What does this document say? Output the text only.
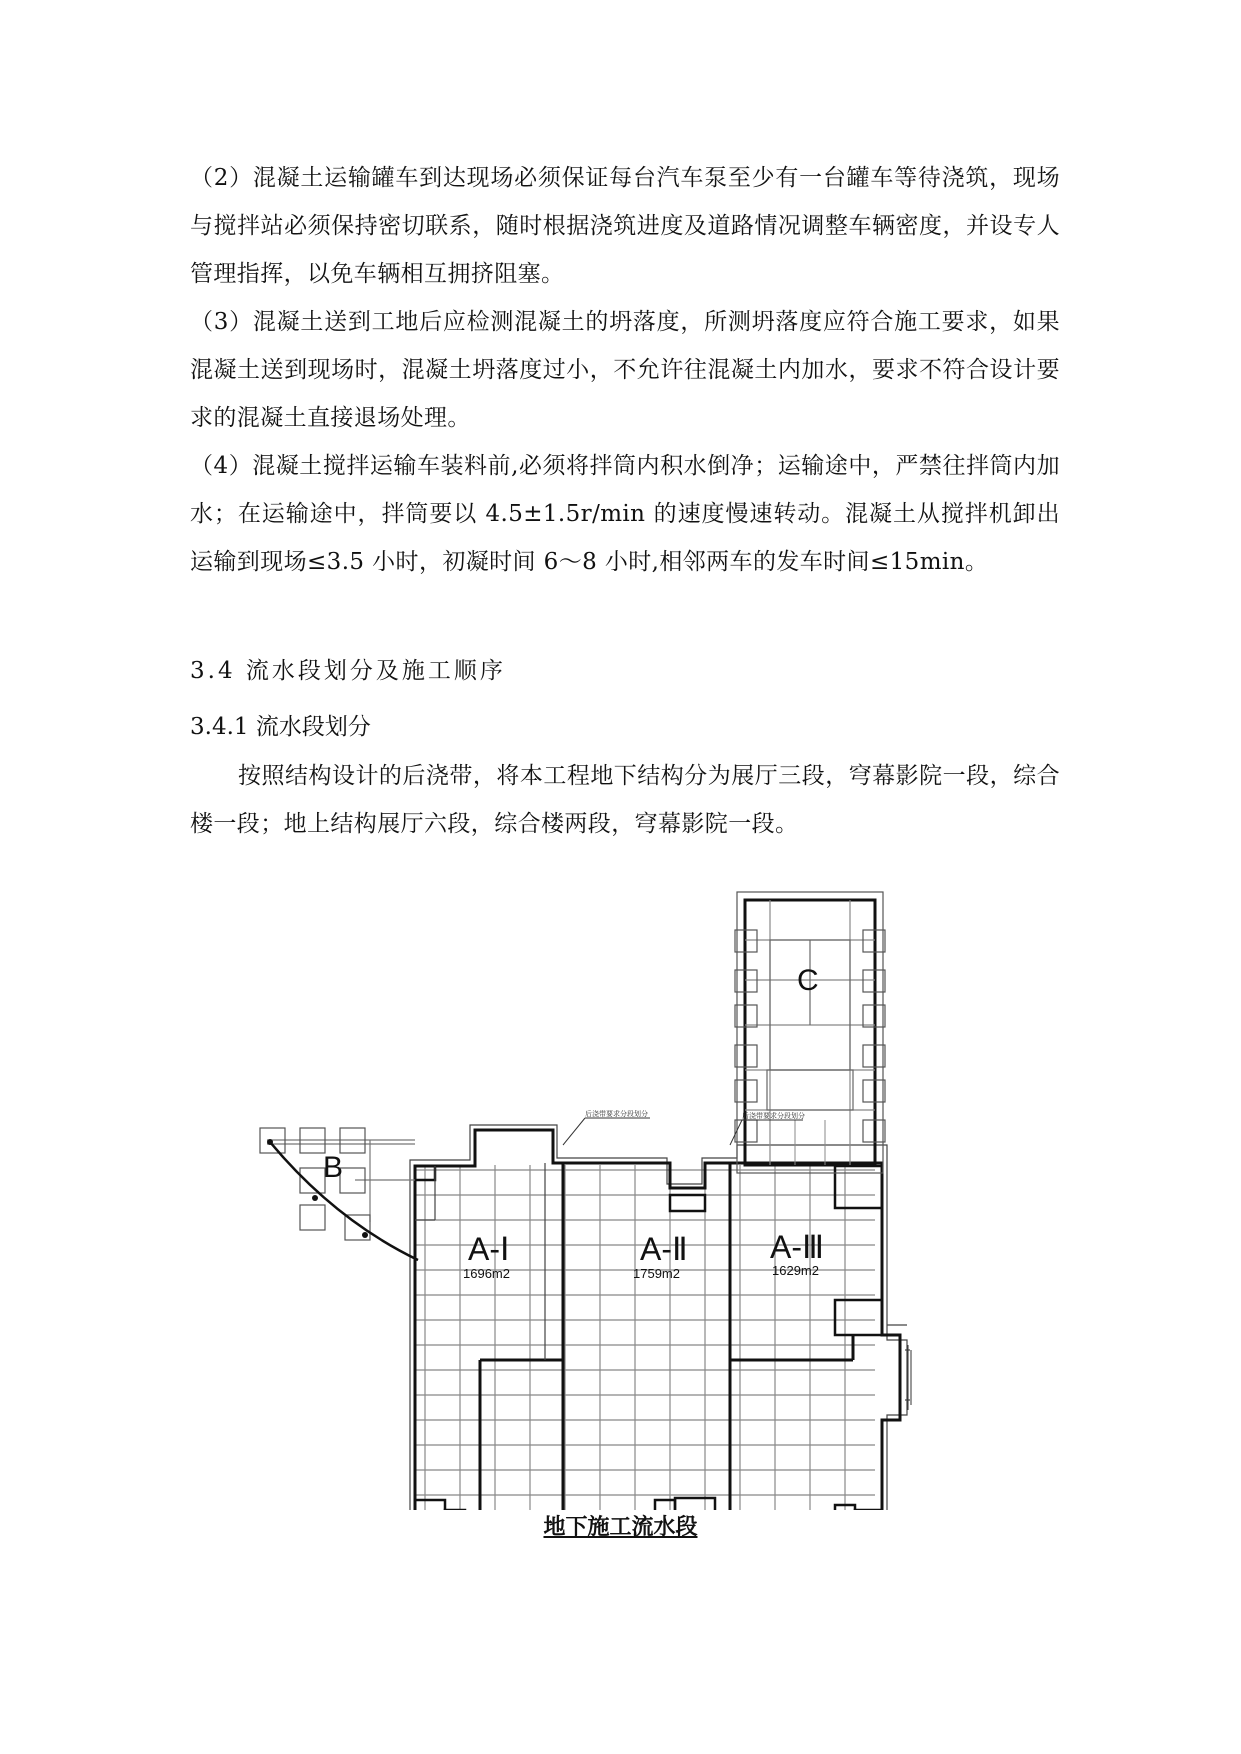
（2）混凝土运输罐车到达现场必须保证每台汽车泵至少有一台罐车等待浇筑，现场与搅拌站必须保持密切联系，随时根据浇筑进度及道路情况调整车辆密度，并设专人管理指挥，以免车辆相互拥挤阻塞。

（3）混凝土送到工地后应检测混凝土的坍落度，所测坍落度应符合施工要求，如果混凝土送到现场时，混凝土坍落度过小，不允许往混凝土内加水，要求不符合设计要求的混凝土直接退场处理。

（4）混凝土搅拌运输车装料前,必须将拌筒内积水倒净；运输途中，严禁往拌筒内加水；在运输途中，拌筒要以 4.5±1.5r/min 的速度慢速转动。混凝土从搅拌机卸出运输到现场≤3.5 小时，初凝时间 6～8 小时,相邻两车的发车时间≤15min。

3.4 流水段划分及施工顺序
3.4.1 流水段划分

按照结构设计的后浇带，将本工程地下结构分为展厅三段，穹幕影院一段，综合楼一段；地上结构展厅六段，综合楼两段，穹幕影院一段。

后浇带要求分段划分	后浇带要求分段划分
C
B
A-Ⅰ
1696m2
A-Ⅱ
1759m2
A-Ⅲ
1629m2
地下施工流水段
